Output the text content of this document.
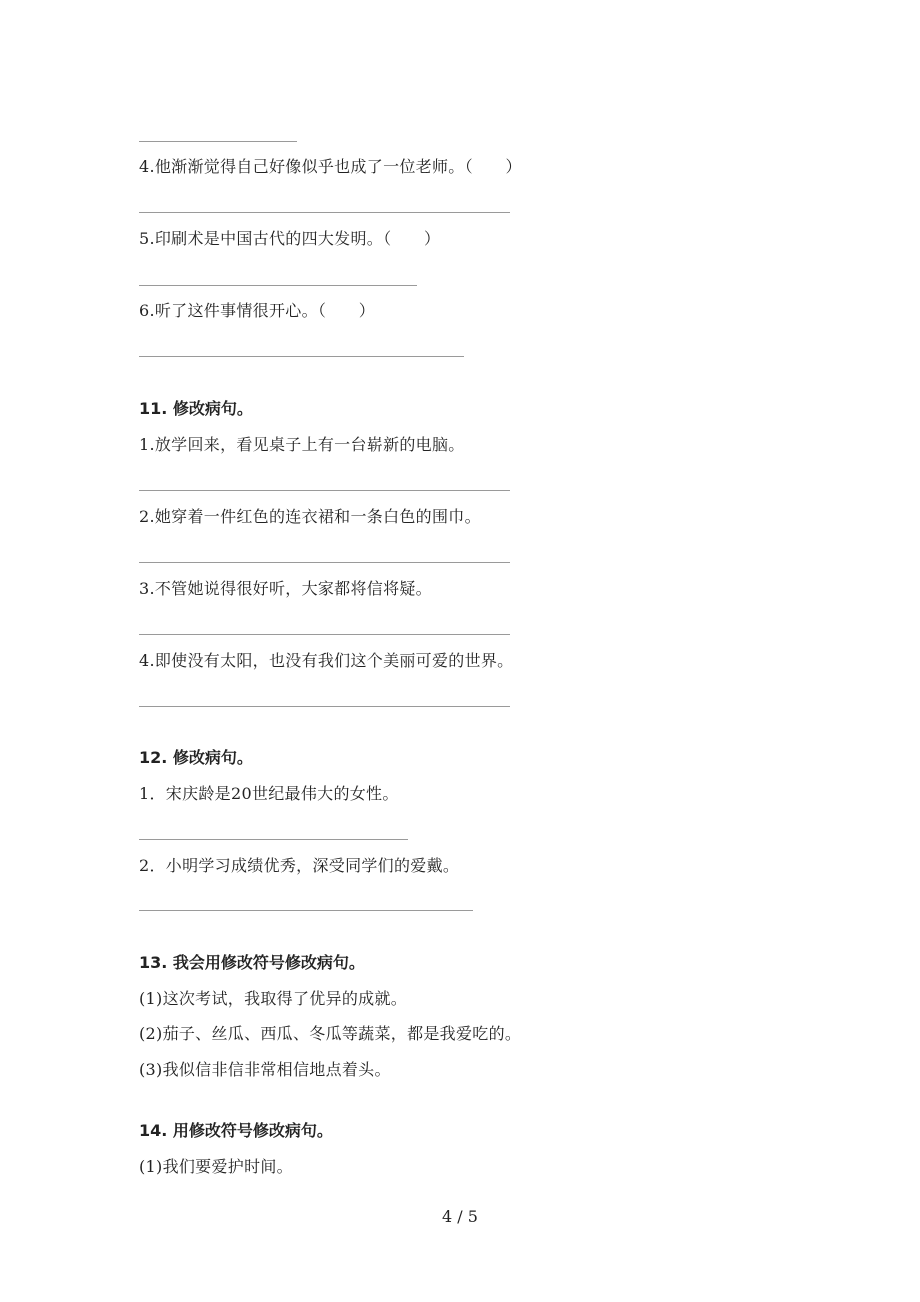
4.他渐渐觉得自己好像似乎也成了一位老师。（　　）
5.印刷术是中国古代的四大发明。（　　）
6.听了这件事情很开心。（　　）
11. 修改病句。
1.放学回来，看见桌子上有一台崭新的电脑。
2.她穿着一件红色的连衣裙和一条白色的围巾。
3.不管她说得很好听，大家都将信将疑。
4.即使没有太阳，也没有我们这个美丽可爱的世界。
12. 修改病句。
1．宋庆龄是20世纪最伟大的女性。
2．小明学习成绩优秀，深受同学们的爱戴。
13. 我会用修改符号修改病句。
(1)这次考试，我取得了优异的成就。
(2)茄子、丝瓜、西瓜、冬瓜等蔬菜，都是我爱吃的。
(3)我似信非信非常相信地点着头。
14. 用修改符号修改病句。
(1)我们要爱护时间。
4 / 5
